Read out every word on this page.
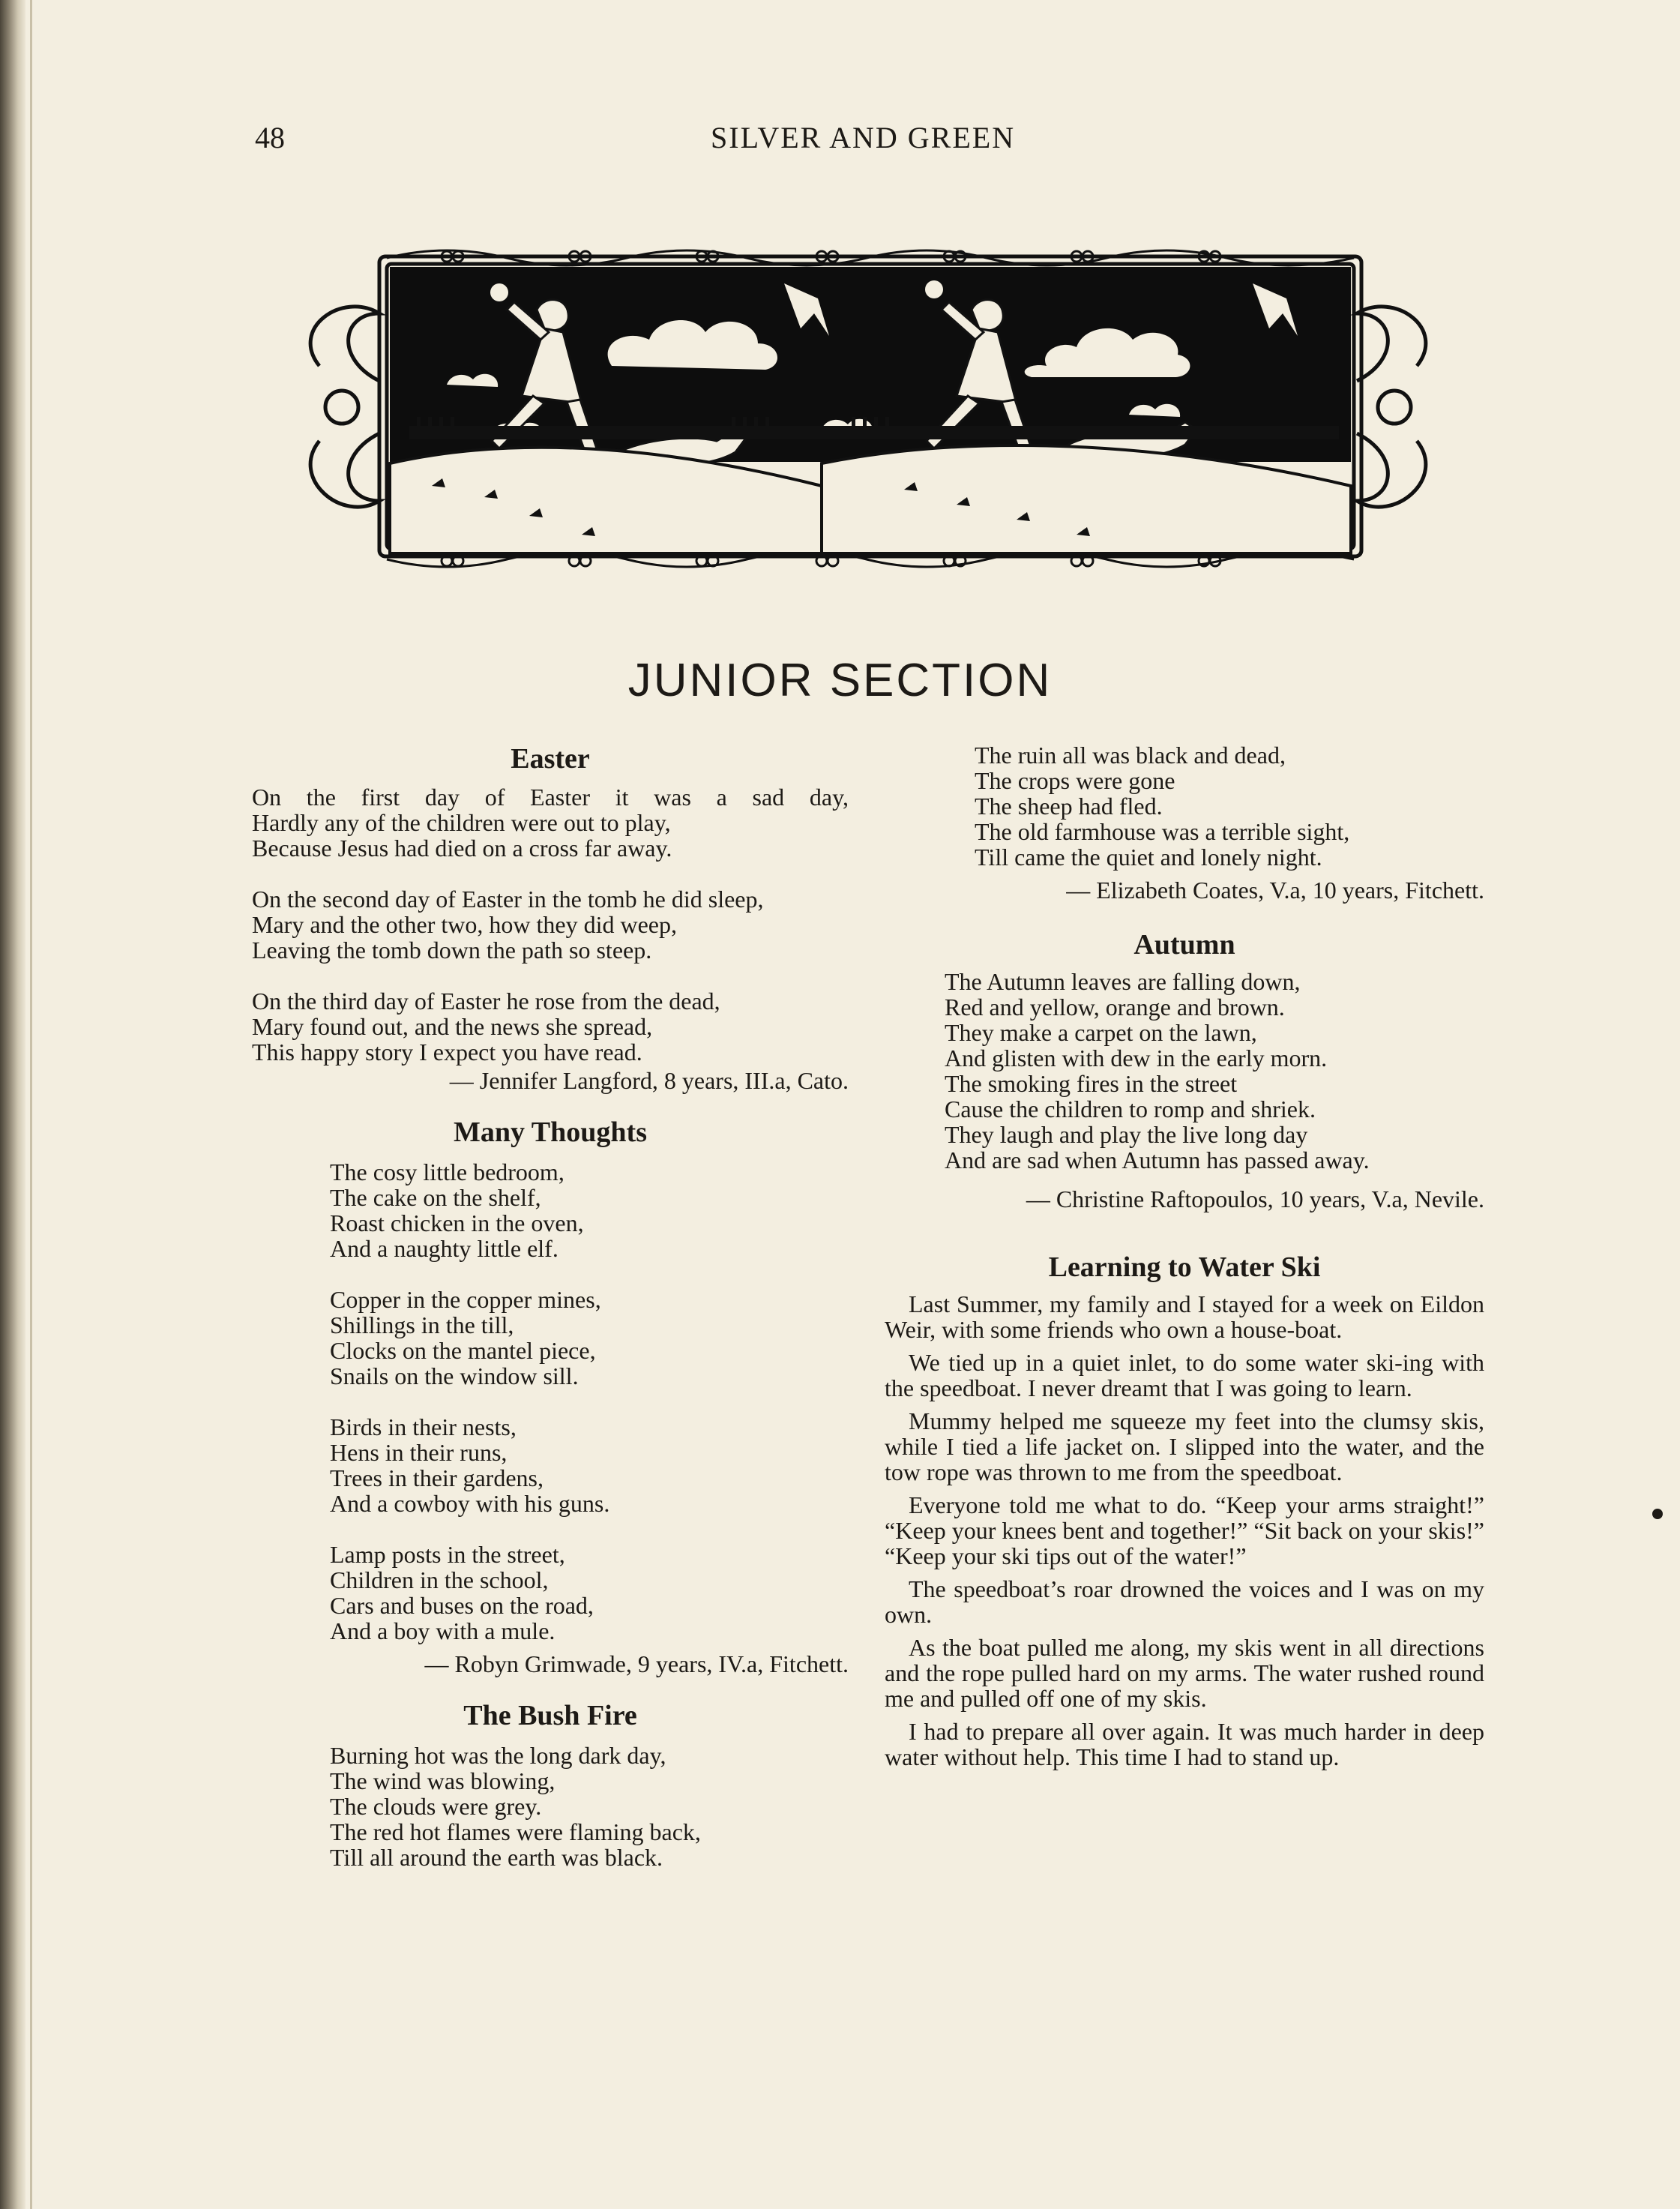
48	SILVER AND GREEN
JUNIOR SECTION
Easter

On the first day of Easter it was a sad day,
Hardly any of the children were out to play,
Because Jesus had died on a cross far away.

On the second day of Easter in the tomb he did sleep,
Mary and the other two, how they did weep,
Leaving the tomb down the path so steep.

On the third day of Easter he rose from the dead,
Mary found out, and the news she spread,
This happy story I expect you have read.

— Jennifer Langford, 8 years, III.a, Cato.
Many Thoughts

The cosy little bedroom,
The cake on the shelf,
Roast chicken in the oven,
And a naughty little elf.

Copper in the copper mines,
Shillings in the till,
Clocks on the mantel piece,
Snails on the window sill.

Birds in their nests,
Hens in their runs,
Trees in their gardens,
And a cowboy with his guns.

Lamp posts in the street,
Children in the school,
Cars and buses on the road,
And a boy with a mule.

— Robyn Grimwade, 9 years, IV.a, Fitchett.
The Bush Fire

Burning hot was the long dark day,
The wind was blowing,
The clouds were grey.
The red hot flames were flaming back,
Till all around the earth was black.

The ruin all was black and dead,
The crops were gone
The sheep had fled.
The old farmhouse was a terrible sight,
Till came the quiet and lonely night.

— Elizabeth Coates, V.a, 10 years, Fitchett.
Autumn

The Autumn leaves are falling down,
Red and yellow, orange and brown.
They make a carpet on the lawn,
And glisten with dew in the early morn.
The smoking fires in the street
Cause the children to romp and shriek.
They laugh and play the live long day
And are sad when Autumn has passed away.

— Christine Raftopoulos, 10 years, V.a, Nevile.
Learning to Water Ski

Last Summer, my family and I stayed for a week on Eildon Weir, with some friends who own a house-boat.

We tied up in a quiet inlet, to do some water ski-ing with the speedboat. I never dreamt that I was going to learn.

Mummy helped me squeeze my feet into the clumsy skis, while I tied a life jacket on. I slipped into the water, and the tow rope was thrown to me from the speedboat.

Everyone told me what to do. “Keep your arms straight!” “Keep your knees bent and together!” “Sit back on your skis!” “Keep your ski tips out of the water!”

The speedboat’s roar drowned the voices and I was on my own.

As the boat pulled me along, my skis went in all directions and the rope pulled hard on my arms. The water rushed round me and pulled off one of my skis.

I had to prepare all over again. It was much harder in deep water without help. This time I had to stand up.
